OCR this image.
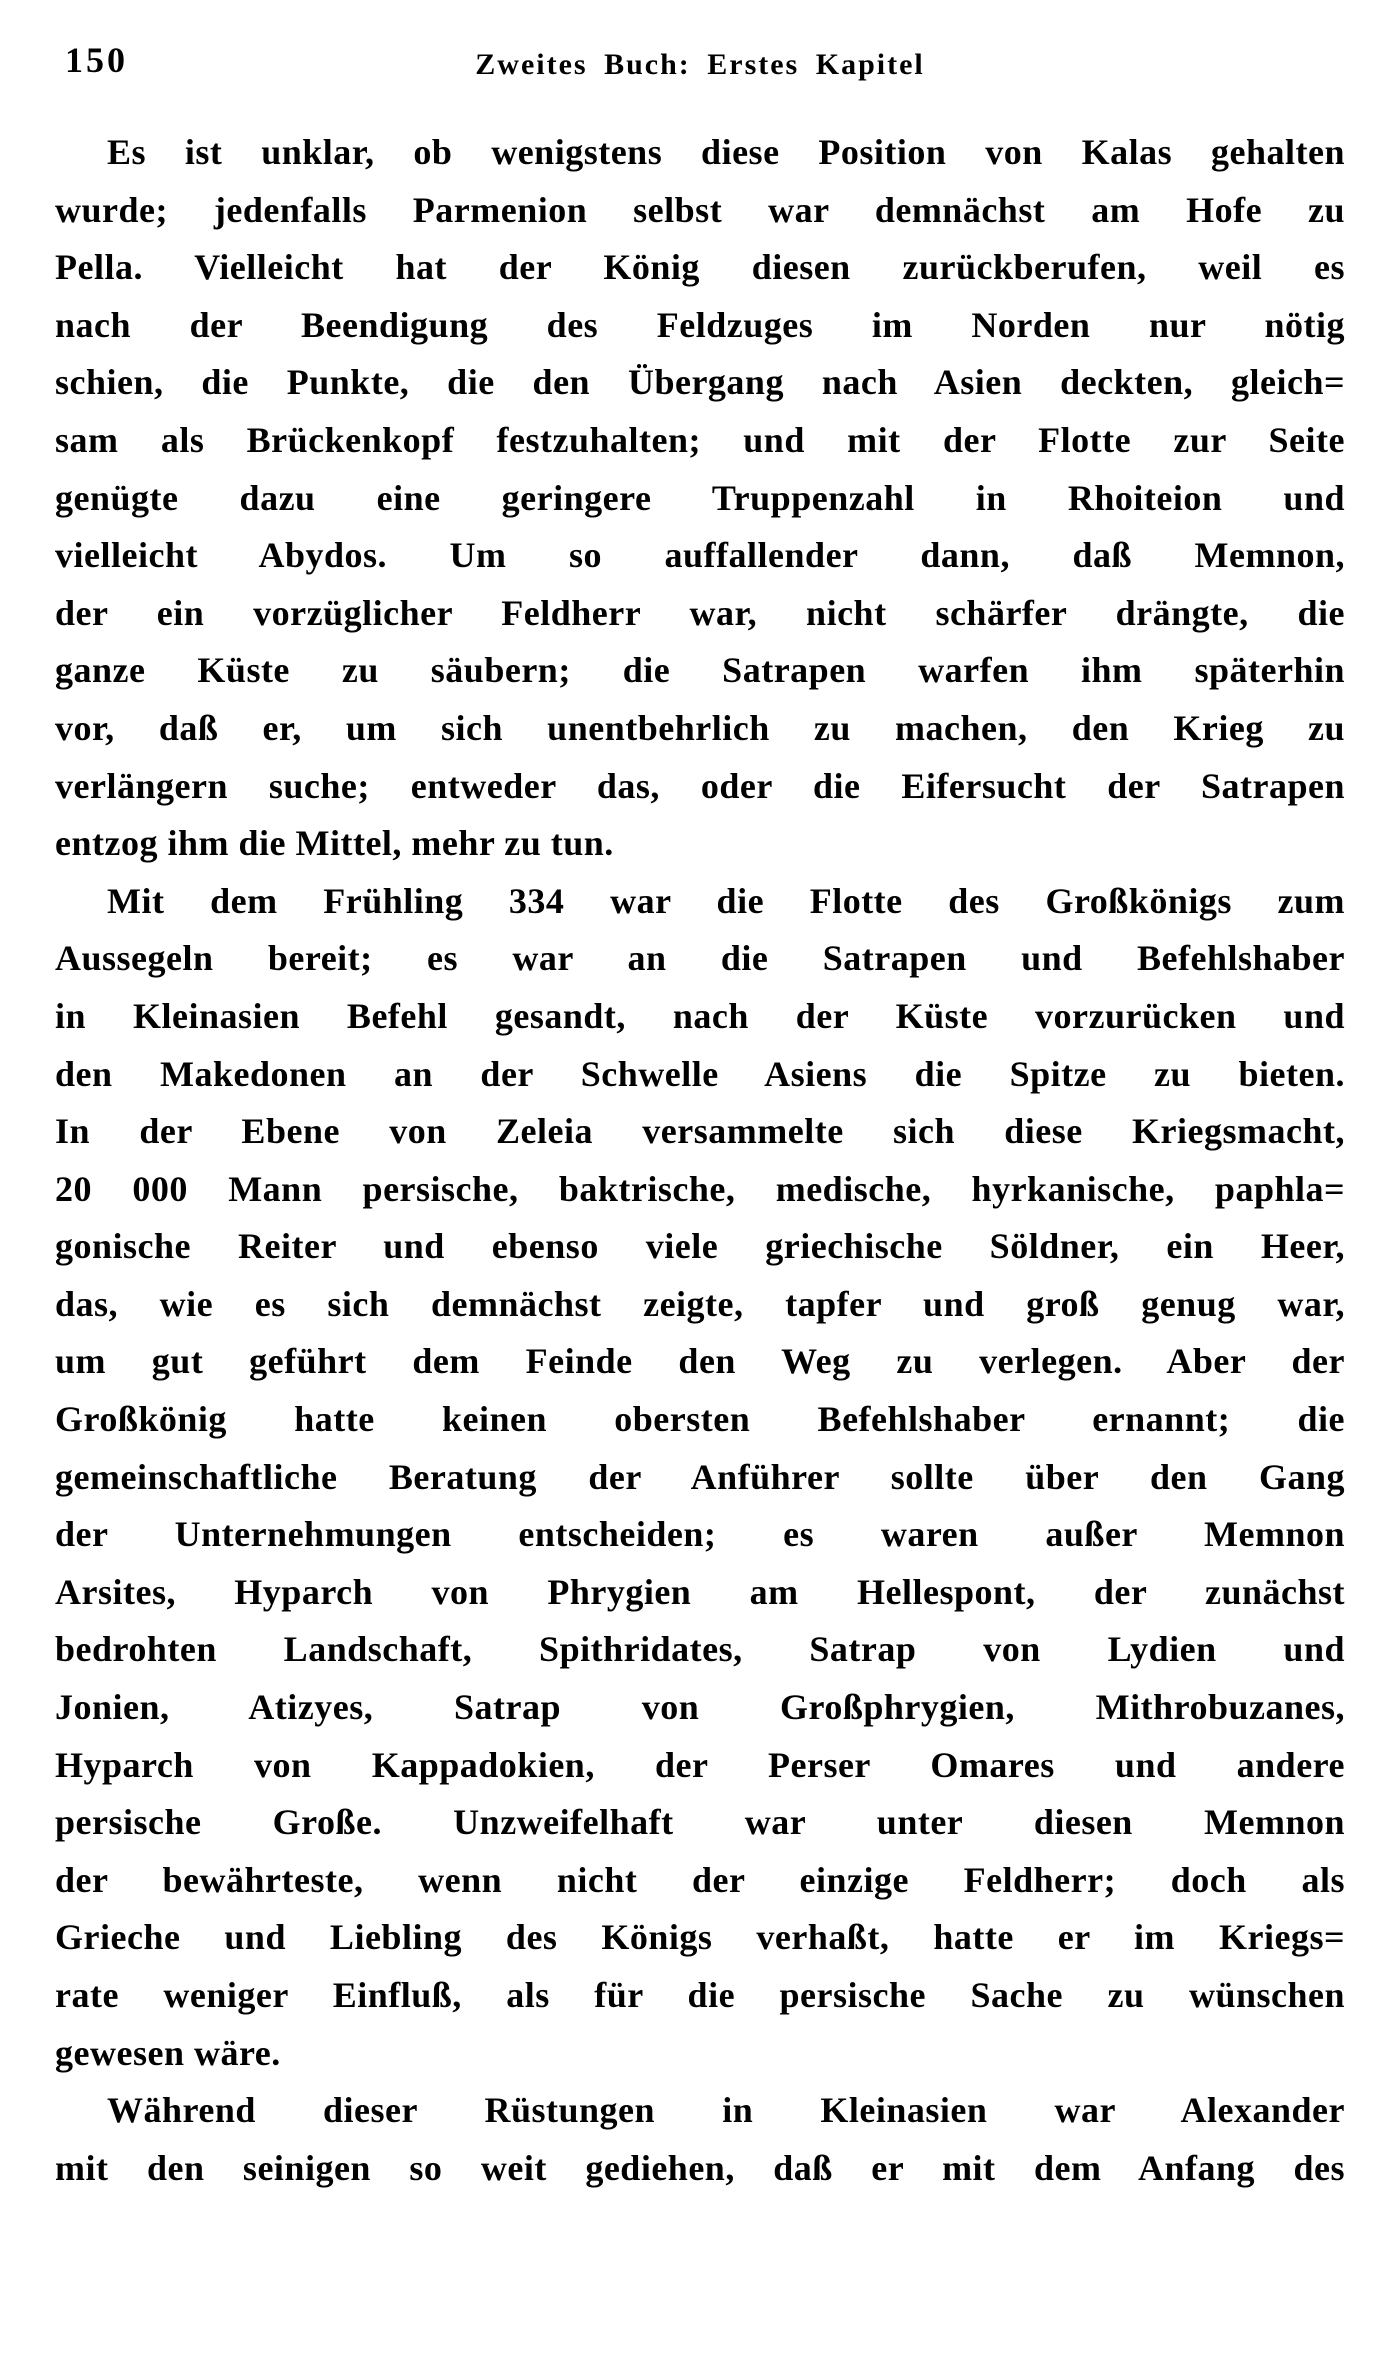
150	Zweites Buch: Erstes Kapitel
Es ist unklar, ob wenigstens diese Position von Kalas gehalten
wurde; jedenfalls Parmenion selbst war demnächst am Hofe zu
Pella. Vielleicht hat der König diesen zurückberufen, weil es
nach der Beendigung des Feldzuges im Norden nur nötig
schien, die Punkte, die den Übergang nach Asien deckten, gleich=
sam als Brückenkopf festzuhalten; und mit der Flotte zur Seite
genügte dazu eine geringere Truppenzahl in Rhoiteion und
vielleicht Abydos. Um so auffallender dann, daß Memnon,
der ein vorzüglicher Feldherr war, nicht schärfer drängte, die
ganze Küste zu säubern; die Satrapen warfen ihm späterhin
vor, daß er, um sich unentbehrlich zu machen, den Krieg zu
verlängern suche; entweder das, oder die Eifersucht der Satrapen
entzog ihm die Mittel, mehr zu tun.
Mit dem Frühling 334 war die Flotte des Großkönigs zum
Aussegeln bereit; es war an die Satrapen und Befehlshaber
in Kleinasien Befehl gesandt, nach der Küste vorzurücken und
den Makedonen an der Schwelle Asiens die Spitze zu bieten.
In der Ebene von Zeleia versammelte sich diese Kriegsmacht,
20 000 Mann persische, baktrische, medische, hyrkanische, paphla=
gonische Reiter und ebenso viele griechische Söldner, ein Heer,
das, wie es sich demnächst zeigte, tapfer und groß genug war,
um gut geführt dem Feinde den Weg zu verlegen. Aber der
Großkönig hatte keinen obersten Befehlshaber ernannt; die
gemeinschaftliche Beratung der Anführer sollte über den Gang
der Unternehmungen entscheiden; es waren außer Memnon
Arsites, Hyparch von Phrygien am Hellespont, der zunächst
bedrohten Landschaft, Spithridates, Satrap von Lydien und
Jonien, Atizyes, Satrap von Großphrygien, Mithrobuzanes,
Hyparch von Kappadokien, der Perser Omares und andere
persische Große. Unzweifelhaft war unter diesen Memnon
der bewährteste, wenn nicht der einzige Feldherr; doch als
Grieche und Liebling des Königs verhaßt, hatte er im Kriegs=
rate weniger Einfluß, als für die persische Sache zu wünschen
gewesen wäre.
Während dieser Rüstungen in Kleinasien war Alexander
mit den seinigen so weit gediehen, daß er mit dem Anfang des
